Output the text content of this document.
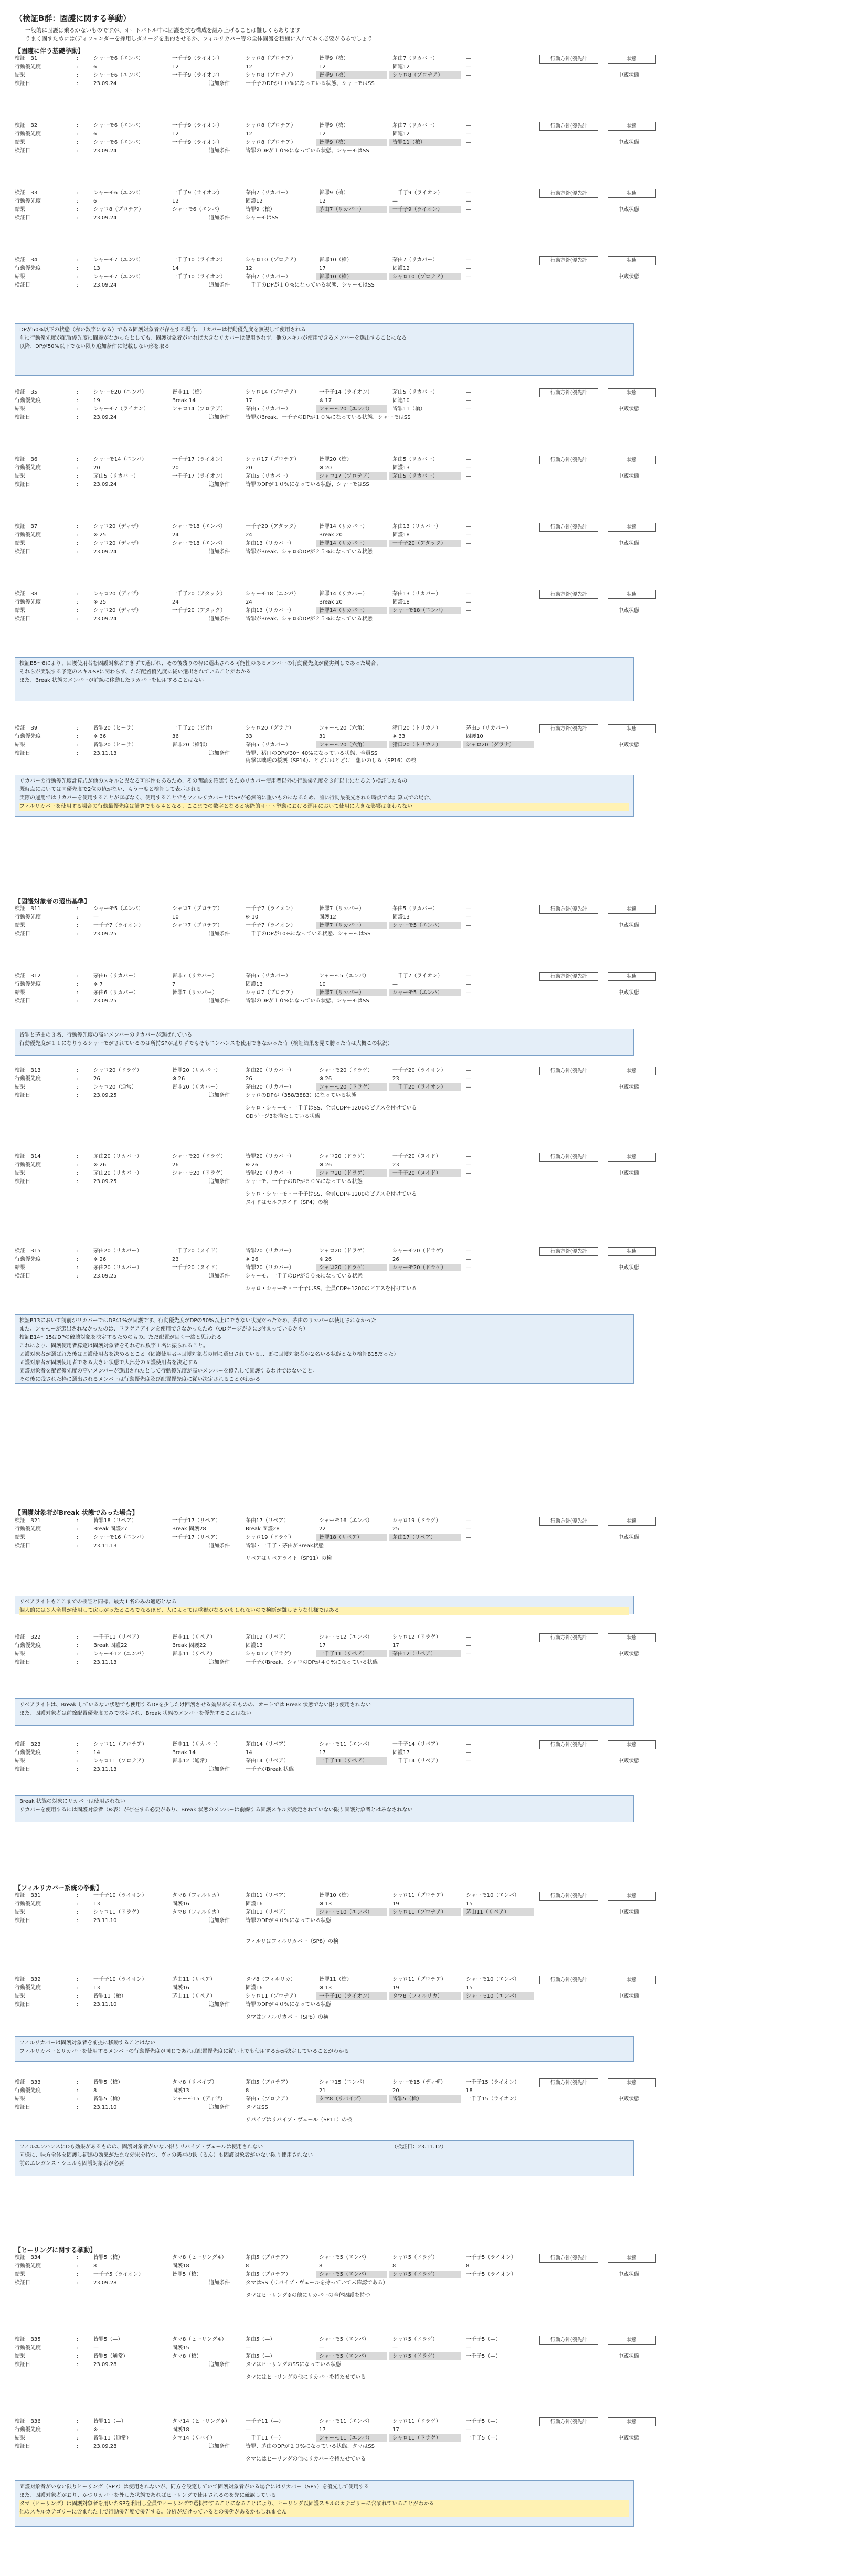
（検証B群：固護に関する挙動）
一般的に固護は乗るかないものですが、オートバトル中に固護を挟む構成を組み上げることは難しくもあります
うまく固すためには(ディフェンダーを採用しダメージを重的させるか、フィルリカバー等の全体固護を積極に入れておく必要があるでしょう
【固護に伴う基礎挙動】
【固護対象者の選出基準】
【固護対象者がBreak 状態であった場合】
【フィルリカバー系統の挙動】
【ヒーリングに関する挙動】
検証　B1	:	シャーモ6（エンパ）	一千子9（ライオン）	シャロ8（プロテア）	皆罪9（槍）	茅由7（リカバー）	—
行動優先度	:	6	12	12	12	固連12	—
結果	:	シャーモ6（エンパ）	一千子9（ライオン）	シャロ8（プロテア）	皆罪9（槍）	シャロ8（プロテア）	—	中蔵状態
検証日	:	23.09.24	追加条件	一千子のDPが１０%になっている状態、シャーモはSS
行動方針(優先計	状態
検証　B2	:	シャーモ6（エンパ）	一千子9（ライオン）	シャロ8（プロテア）	皆罪9（槍）	茅由7（リカバー）	—
行動優先度	:	6	12	12	12	固連12	—
結果	:	シャーモ6（エンパ）	一千子9（ライオン）	シャロ8（プロテア）	皆罪9（槍）	皆罪11（槍）	—	中蔵状態
検証日	:	23.09.24	追加条件	皆罪のDPが１０%になっている状態、シャーモはSS
行動方針(優先計	状態
検証　B3	:	シャーモ6（エンパ）	一千子9（ライオン）	茅由7（リカバー）	皆罪9（槍）	一千子9（ライオン）	—
行動優先度	:	6	12	固護12	12	—	—
結果	:	シャロ8（プロテア）	シャーモ6（エンパ）	皆罪9（槍）	茅由7（リカバー）	一千子9（ライオン）	—	中蔵状態
検証日	:	23.09.24	追加条件	シャーモはSS
行動方針(優先計	状態
検証　B4	:	シャーモ7（エンパ）	一千子10（ライオン）	シャロ10（プロテア）	皆罪10（槍）	茅由7（リカバー）	—
行動優先度	:	13	14	12	17	固護12	—
結果	:	シャーモ7（エンパ）	一千子10（ライオン）	茅由7（リカバー）	皆罪10（槍）	シャロ10（プロテア）	—	中蔵状態
検証日	:	23.09.24	追加条件	一千子のDPが１０%になっている状態、シャーモはSS
行動方針(優先計	状態
検証　B5	:	シャーモ20（エンパ）	皆罪11（槍）	シャロ14（プロテア）	一千子14（ライオン）	茅由5（リカバー）	—
行動優先度	:	19	Break 14	17	※ 17	固連10	—
結果	:	シャーモ7（ライオン）	シャロ14（プロテア）	茅由5（リカバー）	シャーモ20（エンパ）	皆罪11（槍）	—	中蔵状態
検証日	:	23.09.24	追加条件	皆罪がBreak、一千子のDPが１０%になっている状態、シャーモはSS
行動方針(優先計	状態
検証　B6	:	シャーモ14（エンパ）	一千子17（ライオン）	シャロ17（プロテア）	皆罪20（槍）	茅由5（リカバー）	—
行動優先度	:	20	20	20	※ 20	固護13	—
結果	:	茅由5（リカバー）	一千子17（ライオン）	茅由5（リカバー）	シャロ17（プロテア）	茅由5（リカバー）	—	中蔵状態
検証日	:	23.09.24	追加条件	皆罪のDPが１０%になっている状態、シャーモはSS
行動方針(優先計	状態
検証　B7	:	シャロ20（ディザ）	シャーモ18（エンパ）	一千子20（アタック）	皆罪14（リカバー）	茅由13（リカバー）	—
行動優先度	:	※ 25	24	24	Break 20	固護18	—
結果	:	シャロ20（ディザ）	シャーモ18（エンパ）	茅由13（リカバー）	皆罪14（リカバー）	一千子20（アタック）	—	中蔵状態
検証日	:	23.09.24	追加条件	皆罪がBreak、シャロのDPが２５%になっている状態
行動方針(優先計	状態
検証　B8	:	シャロ20（ディザ）	一千子20（アタック）	シャーモ18（エンパ）	皆罪14（リカバー）	茅由13（リカバー）	—
行動優先度	:	※ 25	24	24	Break 20	固護18	—
結果	:	シャロ20（ディザ）	一千子20（アタック）	茅由13（リカバー）	皆罪14（リカバー）	シャーモ18（エンパ）	—	中蔵状態
検証日	:	23.09.24	追加条件	皆罪がBreak、シャロのDPが２５%になっている状態
行動方針(優先計	状態
検証　B9	:	皆罪20（ヒーラ）	一千子20（どけ）	シャロ20（グラナ）	シャーモ20（六角）	猪口20（トリカノ）	茅由5（リカバー）
行動優先度	:	※ 36	36	33	31	※ 33	固護10
結果	:	皆罪20（ヒーラ）	皆罪20（槍罪）	茅由5（リカバー）	シャーモ20（六角）	猪口20（トリカノ）	シャロ20（グラナ）	中蔵状態
検証日	:	23.11.13	追加条件	皆罪、猪口のDPが30～40%になっている状態、全員SS
行動方針(優先計	状態
検証　B11	:	シャーモ5（エンパ）	シャロ7（プロテア）	一千子7（ライオン）	皆罪7（リカバー）	茅由5（リカバー）	—
行動優先度	:	—	10	※ 10	固護12	固護13	—
結果	:	一千子7（ライオン）	シャロ7（プロテア）	一千子7（ライオン）	皆罪7（リカバー）	シャーモ5（エンパ）	—	中蔵状態
検証日	:	23.09.25	追加条件	一千子のDPが10%になっている状態、シャーモはSS
行動方針(優先計	状態
検証　B12	:	茅由6（リカバー）	皆罪7（リカバー）	茅由5（リカバー）	シャーモ5（エンパ）	一千子7（ライオン）	—
行動優先度	:	※ 7	7	固護13	10	—	—
結果	:	茅由6（リカバー）	皆罪7（リカバー）	シャロ7（プロテア）	皆罪7（リカバー）	シャーモ5（エンパ）	—	中蔵状態
検証日	:	23.09.25	追加条件	皆罪のDPが１０%になっている状態、シャーモはSS
行動方針(優先計	状態
検証　B13	:	シャロ20（ドラゲ）	皆罪20（リカバー）	茅由20（リカバー）	シャーモ20（ドラゲ）	一千子20（ライオン）	—
行動優先度	:	26	※ 26	26	※ 26	23	—
結果	:	シャロ20（通常）	皆罪20（リカバー）	茅由20（リカバー）	シャーモ20（ドラゲ）	一千子20（ライオン）	—	中蔵状態
検証日	:	23.09.25	追加条件	シャロのDPが（358/3883）になっている状態
行動方針(優先計	状態
検証　B14	:	茅由20（リカバー）	シャーモ20（ドラゲ）	皆罪20（リカバー）	シャロ20（ドラゲ）	一千子20（ヌイド）	—
行動優先度	:	※ 26	26	※ 26	※ 26	23	—
結果	:	茅由20（リカバー）	シャーモ20（ドラゲ）	皆罪20（リカバー）	シャロ20（ドラゲ）	一千子20（ヌイド）	—	中蔵状態
検証日	:	23.09.25	追加条件	シャーモ、一千子のDPが５０%になっている状態
行動方針(優先計	状態
検証　B15	:	茅由20（リカバー）	一千子20（ヌイド）	皆罪20（リカバー）	シャロ20（ドラゲ）	シャーモ20（ドラゲ）	—
行動優先度	:	※ 26	23	※ 26	※ 26	26	—
結果	:	茅由20（リカバー）	一千子20（ヌイド）	皆罪20（リカバー）	シャロ20（ドラゲ）	シャーモ20（ドラゲ）	—	中蔵状態
検証日	:	23.09.25	追加条件	シャーモ、一千子のDPが５０%になっている状態
行動方針(優先計	状態
検証　B21	:	皆罪18（リペア）	一千子17（リペア）	茅由17（リペア）	シャーモ16（エンパ）	シャロ19（ドラゲ）	—
行動優先度	:	Break 固護27	Break 固護28	Break 固護28	22	25	—
結果	:	シャーモ16（エンパ）	一千子17（リペア）	シャロ19（ドラゲ）	皆罪18（リペア）	茅由17（リペア）	—	中蔵状態
検証日	:	23.11.13	追加条件	皆罪・一千子・茅由がBreak状態
行動方針(優先計	状態
検証　B22	:	一千子11（リペア）	皆罪11（リペア）	茅由12（リペア）	シャーモ12（エンパ）	シャロ12（ドラゲ）	—
行動優先度	:	Break 固護22	Break 固護22	固護13	17	17	—
結果	:	シャーモ12（エンパ）	皆罪11（リペア）	シャロ12（ドラゲ）	一千子11（リペア）	茅由12（リペア）	—	中蔵状態
検証日	:	23.11.13	追加条件	一千子がBreak、シャロのDPが４０%になっている状態
行動方針(優先計	状態
検証　B23	:	シャロ11（プロテア）	皆罪11（リカバー）	茅由14（リペア）	シャーモ11（エンパ）	一千子14（リペア）	—
行動優先度	:	14	Break 14	14	17	固護17	—
結果	:	シャロ11（プロテア）	皆罪12（通常）	茅由14（リペア）	一千子11（リペア）	一千子14（リペア）	—	中蔵状態
検証日	:	23.11.13	追加条件	一千子がBreak 状態
行動方針(優先計	状態
検証　B31	:	一千子10（ライオン）	タマ8（フィルリカ）	茅由11（リペア）	皆罪10（槍）	シャロ11（プロテア）	シャーモ10（エンパ）
行動優先度	:	13	固護16	固護16	※ 13	19	15
結果	:	シャロ11（ドラゲ）	タマ8（フィルリカ）	茅由11（リペア）	シャーモ10（エンパ）	シャロ11（プロテア）	茅由11（リペア）	中蔵状態
検証日	:	23.11.10	追加条件	皆罪のDPが４０%になっている状態
行動方針(優先計	状態
検証　B32	:	一千子10（ライオン）	茅由11（リペア）	タマ8（フィルリカ）	皆罪11（槍）	シャロ11（プロテア）	シャーモ10（エンパ）
行動優先度	:	13	固護16	固護16	※ 13	19	15
結果	:	皆罪11（槍）	茅由11（リペア）	シャロ11（プロテア）	一千子10（ライオン）	タマ8（フィルリカ）	シャーモ10（エンパ）	中蔵状態
検証日	:	23.11.10	追加条件	皆罪のDPが４０%になっている状態
行動方針(優先計	状態
検証　B33	:	皆罪5（槍）	タマ8（リバイブ）	茅由5（プロテア）	シャロ15（エンパ）	シャーモ15（ディザ）	一千子15（ライオン）
行動優先度	:	8	固護13	8	21	20	18
結果	:	皆罪5（槍）	シャーモ15（ディザ）	茅由5（プロテア）	タマ8（リバイブ）	皆罪5（槍）	一千子15（ライオン）	中蔵状態
検証日	:	23.11.10	追加条件	タマはSS
行動方針(優先計	状態
検証　B34	:	皆罪5（槍）	タマ8（ヒーリング※）	茅由5（プロテア）	シャーモ5（エンパ）	シャロ5（ドラゲ）	一千子5（ライオン）
行動優先度	:	8	固護18	8	8	8	8
結果	:	一千子5（ライオン）	皆罪5（槍）	茅由5（プロテア）	シャーモ5（エンパ）	シャロ5（ドラゲ）	一千子5（ライオン）	中蔵状態
検証日	:	23.09.28	追加条件	タマはSS（リバイブ・ヴェールを持っていて未確認である）
行動方針(優先計	状態
検証　B35	:	皆罪5（—）	タマ8（ヒーリング※）	茅由5（—）	シャーモ5（エンパ）	シャロ5（ドラゲ）	一千子5（—）
行動優先度	:	—	固護15	—	—	—	—
結果	:	皆罪5（通常）	タマ8（槍）	茅由5（—）	シャーモ5（エンパ）	シャロ5（ドラゲ）	一千子5（—）	中蔵状態
検証日	:	23.09.28	追加条件	タマはヒーリングのSSになっている状態
行動方針(優先計	状態
検証　B36	:	皆罪11（—）	タマ14（ヒーリング※）	一千子11（—）	シャーモ11（エンパ）	シャロ11（ドラゲ）	一千子5（—）
行動優先度	:	※ —	固護18	—	17	17	—
結果	:	皆罪11（通常）	タマ14（リバイ）	一千子11（—）	シャーモ11（エンパ）	シャロ11（ドラゲ）	一千子5（—）	中蔵状態
検証日	:	23.09.28	追加条件	皆罪、茅由のDPが２０%になっている状態、タマはSS
行動方針(優先計	状態
術撃は咄嗟の援護（SP14）、とどけはとどけ！想いのしる（SP16）の検
シャロ・シャーモ・一千子はSS、全員CDP+1200のビアスを付けている
ODゲージ3を満たしている状態
シャロ・シャーモ・一千子はSS、全員CDP+1200のビアスを付けている
ヌイドはセルフヌイド（SP4）の検
シャロ・シャーモ・一千子はSS、全員CDP+1200のビアスを付けている
リペアはリペアライト（SP11）の検
フィルリはフィルリカバー（SP8）の検
タマはフィルリカバー（SP8）の検
リバイブはリバイブ・ヴェール（SP11）の検
タマはヒーリング※の他にリカバーの全体固護を持つ
タマにはヒーリングの他にリカバーを持たせている
タマにはヒーリングの他にリカバーを持たせている
DPが50%以下の状態（赤い数字になる）である固護対象者が存在する場合、リカバーは行動優先度を無視して使用される
前に行動優先度が配置優先度に間違がなかったとしても、固護対象者がいれば大きなリカバーは使用されず、他のスキルが使用できるメンバーを選出することになる
以降、DPが50%以下でない限り追加条件に記載しない形を取る
検証B5～8により、固護使用者を固護対象者すぎずて選ばれ、その後残りの枠に選出される可能性のあるメンバーの行動優先度が優劣判しであった場合、
それらが実装する予定のスキルSPに関わらず、ただ配置優先度に従い選出されていることがわかる
また、Break 状態のメンバーが前線に移動したリカバーを使用することはない
リカバーの行動優先度計算式が他のスキルと異なる可能性もあるため、その問題を確認するためリカバー使用者以外の行動優先度を３前以上になるよう検証したもの
既時点においては同優先度で2位の値がない、もう一度と検証して表示される
実際の運用ではリカバーを使用することがほぼなく、使用することでもフィルリカバーとはSPが必然的に重いものになるため、前に行動最優先された時点では計算式での場合、
フィルリカバーを使用する場合の行動最優先度は計算でも６４となる。ここまでの数字となると実際的オート挙動における運用において使用に大きな影響は変わらない
皆罪と茅由の３名、行動優先度の高いメンバーのリカバーが選ばれている
行動優先度が１１になりうるシャーモがされているのは所持SPが足りずでもそもエンハンスを使用できなかった時（検証結果を見て勝った時は大概この状況）
検証B13において前前がリカバーではDP41%が固護です、行動優先度がDPの50%以上にできない状況だったため、茅由のリカバーは使用されなかった
また、シャモーが選出されなかったのは、ドラゲアデインを使用できなかったため（ODゲージが既に3付まっているから）
検証B14～15はDPの破壊対象を決定するためのもの。ただ配置が固く一緒と思われる
これにより、固護使用者算定は固護対象者をそれぞれ数字１名に振られること。
固護対象者が選ばれた後は固護使用者を決めるとこと（固護使用者→固護対象者の順に選出されている。、更に固護対象者が２名いる状態となり検証B15だった）
固護対象者が固護使用者である大きい状態で大部分の固護使用者を決定する
固護対象者を配置優先度の高いメンバーが選出されたとして行動優先度が高いメンバーを優先して固護するわけではないこと。
その後に残された枠に選出されるメンバーは行動優先度及び配置優先度に従い決定されることがわかる
リペアライトもここまでの検証と同様、最大１名のみの適応となる
個人的には３人全員が使用して戻しがったところでなるほど、人によっては重視がなるかもしれないので検断が難しそうな仕様ではある
リペアライトは、Break しているない状態でも使用するDPを少したけ回護させる効果があるものの、オートでは Break 状態でない限り使用されない
また、固護対象者は前線配置優先度のみで決定され、Break 状態のメンバーを優先することはない
Break 状態の対象にリカバーは使用されない
リカバーを使用するには固護対象者（※表）が存在する必要があり、Break 状態のメンバーは前線する固護スキルが設定されていない限り固護対象者とはみなされない
フィルリカバーは固護対象者を前提に移動することはない
フィルリカバーとリカバーを使用するメンバーの行動優先度が同じであれば配置優先度に従い上でも使用するかが決定していることがわかる
フィルエンハンスにDも効果があるものの、固護対象者がいない限りリバイブ・ヴェールは使用されない　　　　　　　　　　　　　　　　　　　　　　　　　（検証日：23.11.12）
同様に、味方全体を固護し初遂の効果がたまな効果を持つ、ヴッの楽補の鉄（るん）も固護対象者がいない限り使用されない
前のエレガンス・シェルも固護対象者が必要
固護対象者がいない限りヒーリング（SP7）は使用されないが、同方を設定していて固護対象者がいる場合にはリカバー（SP5）を優先して使用する
また、固護対象者がおり、かつリカバーを外した状態であればヒーリングで使用されるのを先に確認している
タマ（ヒーリング）は固護対象者を用いたSPを利用し全員でヒーリングで選択ですることになることにより、ヒーリング以固護スキルのカテゴリーに含まれていることがわかる
他のスキルカテゴリーに含まれた上で行動優先度で優先する。分析がだけっているとの優劣があるかもしれません
